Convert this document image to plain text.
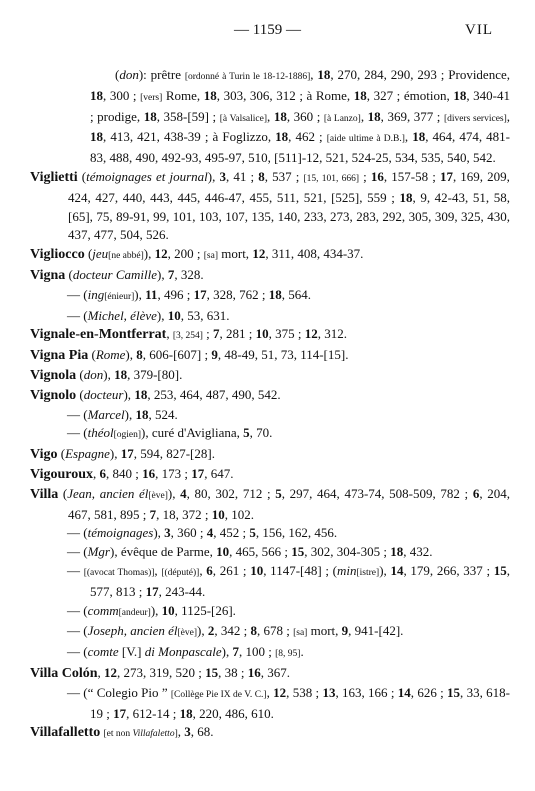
— 1159 —	VIL
(don): prêtre [ordonné à Turin le 18-12-1886], 18, 270, 284, 290, 293 ; Providence, 18, 300 ; [vers] Rome, 18, 303, 306, 312 ; à Rome, 18, 327 ; émotion, 18, 340-41 ; prodige, 18, 358-[59] ; [à Valsalice], 18, 360 ; [à Lanzo], 18, 369, 377 ; [divers services], 18, 413, 421, 438-39 ; à Foglizzo, 18, 462 ; [aide ultime à D.B.], 18, 464, 474, 481-83, 488, 490, 492-93, 495-97, 510, [511]-12, 521, 524-25, 534, 535, 540, 542.
Viglietti (témoignages et journal), 3, 41 ; 8, 537 ; [15, 101, 666] ; 16, 157-58 ; 17, 169, 209, 424, 427, 440, 443, 445, 446-47, 455, 511, 521, [525], 559 ; 18, 9, 42-43, 51, 58, [65], 75, 89-91, 99, 101, 103, 107, 135, 140, 233, 273, 283, 292, 305, 309, 325, 430, 437, 477, 504, 526.
Vigliocco (jeu[ne abbé]), 12, 200 ; [sa] mort, 12, 311, 408, 434-37.
Vigna (docteur Camille), 7, 328.
— (ing[énieur]), 11, 496 ; 17, 328, 762 ; 18, 564.
— (Michel, élève), 10, 53, 631.
Vignale-en-Montferrat, [3, 254] ; 7, 281 ; 10, 375 ; 12, 312.
Vigna Pia (Rome), 8, 606-[607] ; 9, 48-49, 51, 73, 114-[15].
Vignola (don), 18, 379-[80].
Vignolo (docteur), 18, 253, 464, 487, 490, 542.
— (Marcel), 18, 524.
— (théol[ogien]), curé d'Avigliana, 5, 70.
Vigo (Espagne), 17, 594, 827-[28].
Vigouroux, 6, 840 ; 16, 173 ; 17, 647.
Villa (Jean, ancien él[ève]), 4, 80, 302, 712 ; 5, 297, 464, 473-74, 508-509, 782 ; 6, 204, 467, 581, 895 ; 7, 18, 372 ; 10, 102.
— (témoignages), 3, 360 ; 4, 452 ; 5, 156, 162, 456.
— (Mgr), évêque de Parme, 10, 465, 566 ; 15, 302, 304-305 ; 18, 432.
— [(avocat Thomas)], [(député)], 6, 261 ; 10, 1147-[48] ; (min[istre]), 14, 179, 266, 337 ; 15, 577, 813 ; 17, 243-44.
— (comm[andeur]), 10, 1125-[26].
— (Joseph, ancien él[ève]), 2, 342 ; 8, 678 ; [sa] mort, 9, 941-[42].
— (comte [V.] di Monpascale), 7, 100 ; [8, 95].
Villa Colón, 12, 273, 319, 520 ; 15, 38 ; 16, 367.
— (“ Colegio Pio ” [Collège Pie IX de V. C.], 12, 538 ; 13, 163, 166 ; 14, 626 ; 15, 33, 618-19 ; 17, 612-14 ; 18, 220, 486, 610.
Villafalletto [et non Villafaletto], 3, 68.
